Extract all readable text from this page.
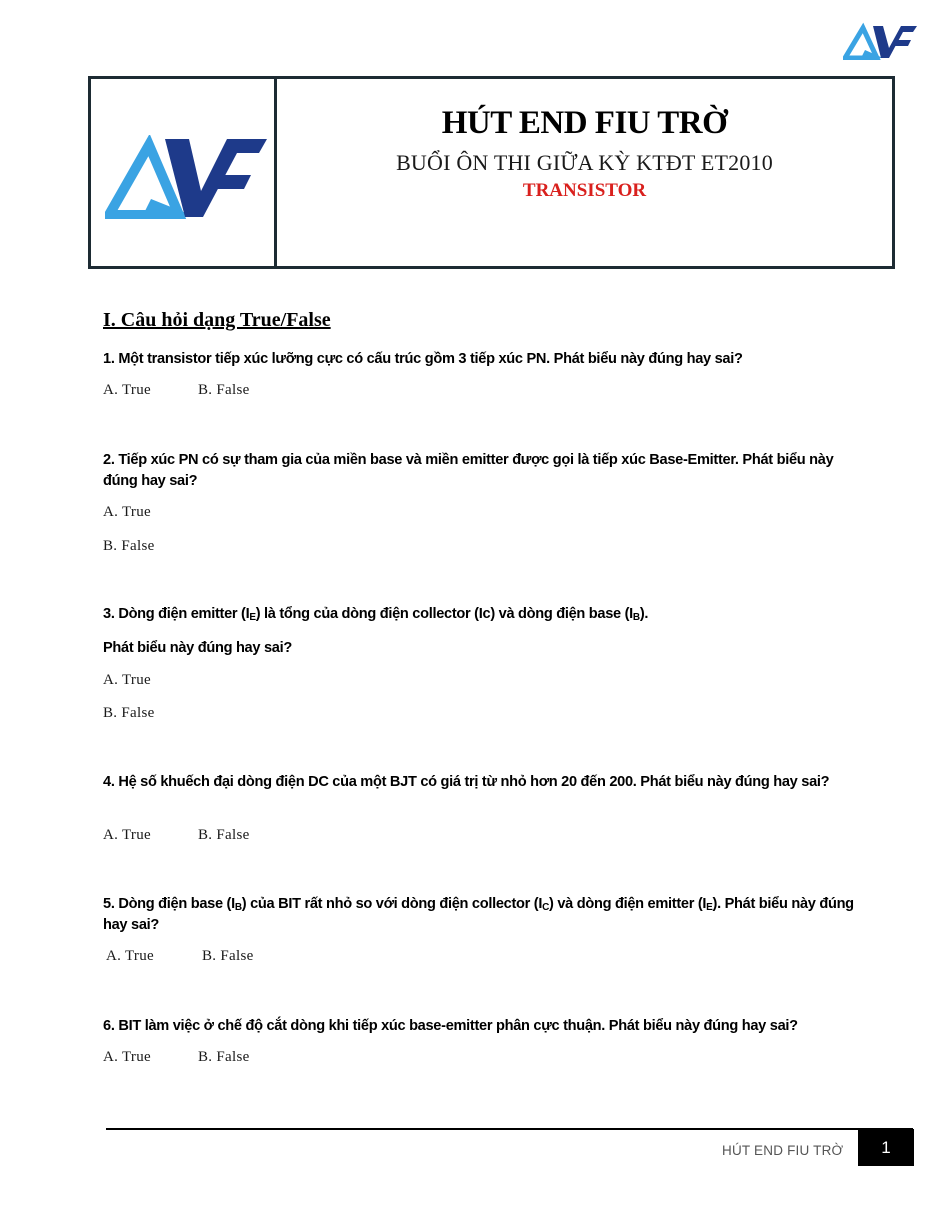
HÚT END FIU TRỜ
BUỔI ÔN THI GIỮA KỲ KTĐT ET2010
TRANSISTOR
I. Câu hỏi dạng True/False
1. Một transistor tiếp xúc lưỡng cực có cấu trúc gồm 3 tiếp xúc PN. Phát biểu này đúng hay sai?
A. True	B. False
2. Tiếp xúc PN có sự tham gia của miền base và miền emitter được gọi là tiếp xúc Base-Emitter. Phát biểu này đúng hay sai?
A. True
B. False
3. Dòng điện emitter $(I_E)$ là tổng của dòng điện collector (Ic) và dòng điện base $(I_B)$.
Phát biểu này đúng hay sai?
A. True
B. False
4. Hệ số khuếch đại dòng điện DC của một BJT có giá trị từ nhỏ hơn 20 đến 200. Phát biểu này đúng hay sai?
A. True	B. False
5. Dòng điện base $(I_B)$ của BIT rất nhỏ so với dòng điện collector $(I_C)$ và dòng điện emitter $(I_E)$. Phát biểu này đúng hay sai?
A. True	B. False
6. BIT làm việc ở chế độ cắt dòng khi tiếp xúc base-emitter phân cực thuận. Phát biểu này đúng hay sai?
A. True	B. False
HÚT END FIU TRỜ	1
